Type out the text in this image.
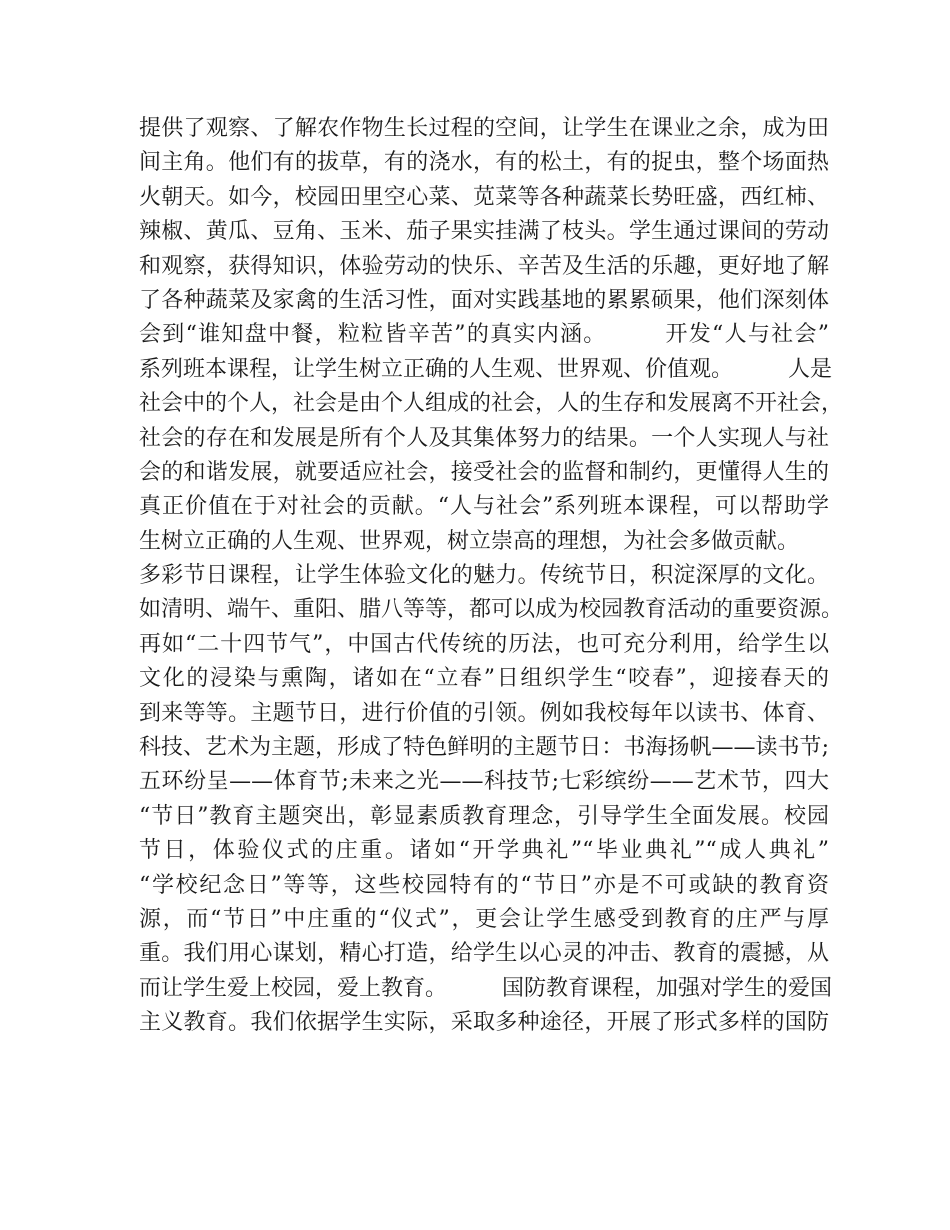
提供了观察、了解农作物生长过程的空间，让学生在课业之余，成为田
间主角。他们有的拔草，有的浇水，有的松土，有的捉虫，整个场面热
火朝天。如今，校园田里空心菜、苋菜等各种蔬菜长势旺盛，西红柿、
辣椒、黄瓜、豆角、玉米、茄子果实挂满了枝头。学生通过课间的劳动
和观察，获得知识，体验劳动的快乐、辛苦及生活的乐趣，更好地了解
了各种蔬菜及家禽的生活习性，面对实践基地的累累硕果，他们深刻体
会到“谁知盘中餐，粒粒皆辛苦”的真实内涵。　　　开发“人与社会”
系列班本课程，让学生树立正确的人生观、世界观、价值观。　　　人是
社会中的个人，社会是由个人组成的社会，人的生存和发展离不开社会，
社会的存在和发展是所有个人及其集体努力的结果。一个人实现人与社
会的和谐发展，就要适应社会，接受社会的监督和制约，更懂得人生的
真正价值在于对社会的贡献。“人与社会”系列班本课程，可以帮助学
生树立正确的人生观、世界观，树立崇高的理想，为社会多做贡献。
多彩节日课程，让学生体验文化的魅力。传统节日，积淀深厚的文化。
如清明、端午、重阳、腊八等等，都可以成为校园教育活动的重要资源。
再如“二十四节气”，中国古代传统的历法，也可充分利用，给学生以
文化的浸染与熏陶，诸如在“立春”日组织学生“咬春”，迎接春天的
到来等等。主题节日，进行价值的引领。例如我校每年以读书、体育、
科技、艺术为主题，形成了特色鲜明的主题节日：书海扬帆——读书节;
五环纷呈——体育节;未来之光——科技节;七彩缤纷——艺术节，四大
“节日”教育主题突出，彰显素质教育理念，引导学生全面发展。校园
节日，体验仪式的庄重。诸如“开学典礼”“毕业典礼”“成人典礼”
“学校纪念日”等等，这些校园特有的“节日”亦是不可或缺的教育资
源，而“节日”中庄重的“仪式”，更会让学生感受到教育的庄严与厚
重。我们用心谋划，精心打造，给学生以心灵的冲击、教育的震撼，从
而让学生爱上校园，爱上教育。　　　国防教育课程，加强对学生的爱国
主义教育。我们依据学生实际，采取多种途径，开展了形式多样的国防
